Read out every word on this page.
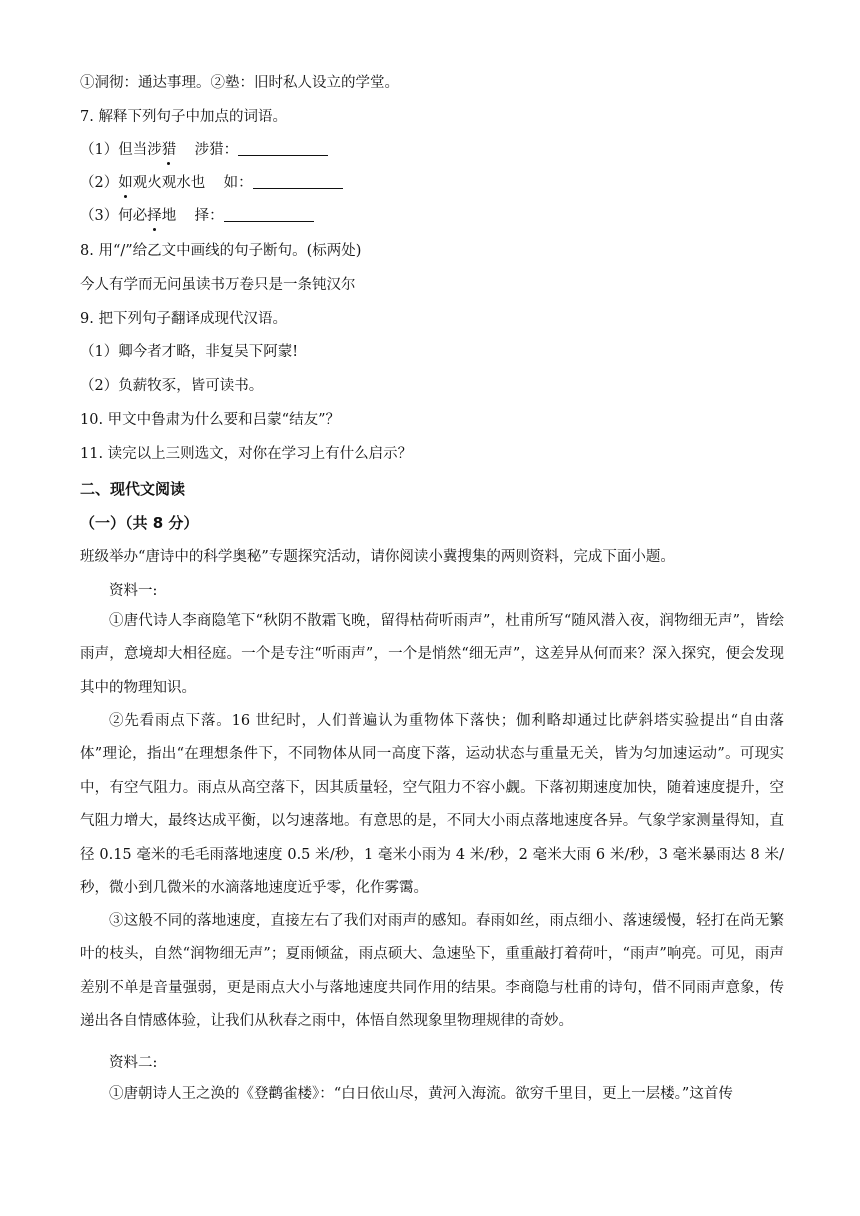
①洞彻：通达事理。②塾：旧时私人设立的学堂。
7. 解释下列句子中加点的词语。
（1）但当涉猎    涉猎：
（2）如观火观水也    如：
（3）何必择地    择：
8. 用“/”给乙文中画线的句子断句。(标两处)
今人有学而无问虽读书万卷只是一条钝汉尔
9. 把下列句子翻译成现代汉语。
（1）卿今者才略，非复吴下阿蒙!
（2）负薪牧豕，皆可读书。
10. 甲文中鲁肃为什么要和吕蒙“结友”？
11. 读完以上三则选文，对你在学习上有什么启示？
二、现代文阅读
（一）（共 8 分）
班级举办“唐诗中的科学奥秘”专题探究活动，请你阅读小冀搜集的两则资料，完成下面小题。
资料一:
①唐代诗人李商隐笔下“秋阴不散霜飞晚，留得枯荷听雨声”，杜甫所写“随风潜入夜，润物细无声”，皆绘雨声，意境却大相径庭。一个是专注“听雨声”，一个是悄然“细无声”，这差异从何而来？深入探究，便会发现其中的物理知识。
②先看雨点下落。16 世纪时，人们普遍认为重物体下落快；伽利略却通过比萨斜塔实验提出“自由落体”理论，指出“在理想条件下，不同物体从同一高度下落，运动状态与重量无关，皆为匀加速运动”。可现实中，有空气阻力。雨点从高空落下，因其质量轻，空气阻力不容小觑。下落初期速度加快，随着速度提升，空气阻力增大，最终达成平衡，以匀速落地。有意思的是，不同大小雨点落地速度各异。气象学家测量得知，直径 0.15 毫米的毛毛雨落地速度 0.5 米/秒，1 毫米小雨为 4 米/秒，2 毫米大雨 6 米/秒，3 毫米暴雨达 8 米/秒，微小到几微米的水滴落地速度近乎零，化作雾霭。
③这般不同的落地速度，直接左右了我们对雨声的感知。春雨如丝，雨点细小、落速缓慢，轻打在尚无繁叶的枝头，自然“润物细无声”；夏雨倾盆，雨点硕大、急速坠下，重重敲打着荷叶，“雨声”响亮。可见，雨声差别不单是音量强弱，更是雨点大小与落地速度共同作用的结果。李商隐与杜甫的诗句，借不同雨声意象，传递出各自情感体验，让我们从秋春之雨中，体悟自然现象里物理规律的奇妙。
资料二:
①唐朝诗人王之涣的《登鹳雀楼》：“白日依山尽，黄河入海流。欲穷千里目，更上一层楼。”这首传
